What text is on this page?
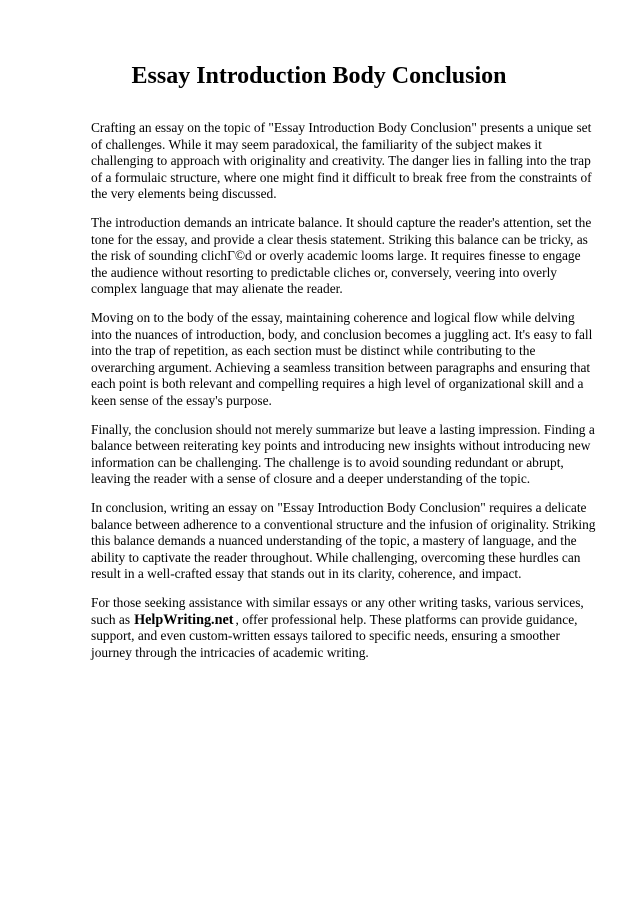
Essay Introduction Body Conclusion

Crafting an essay on the topic of "Essay Introduction Body Conclusion" presents a unique set of challenges. While it may seem paradoxical, the familiarity of the subject makes it challenging to approach with originality and creativity. The danger lies in falling into the trap of a formulaic structure, where one might find it difficult to break free from the constraints of the very elements being discussed.

The introduction demands an intricate balance. It should capture the reader's attention, set the tone for the essay, and provide a clear thesis statement. Striking this balance can be tricky, as the risk of sounding clichГ©d or overly academic looms large. It requires finesse to engage the audience without resorting to predictable cliches or, conversely, veering into overly complex language that may alienate the reader.

Moving on to the body of the essay, maintaining coherence and logical flow while delving into the nuances of introduction, body, and conclusion becomes a juggling act. It's easy to fall into the trap of repetition, as each section must be distinct while contributing to the overarching argument. Achieving a seamless transition between paragraphs and ensuring that each point is both relevant and compelling requires a high level of organizational skill and a keen sense of the essay's purpose.

Finally, the conclusion should not merely summarize but leave a lasting impression. Finding a balance between reiterating key points and introducing new insights without introducing new information can be challenging. The challenge is to avoid sounding redundant or abrupt, leaving the reader with a sense of closure and a deeper understanding of the topic.

In conclusion, writing an essay on "Essay Introduction Body Conclusion" requires a delicate balance between adherence to a conventional structure and the infusion of originality. Striking this balance demands a nuanced understanding of the topic, a mastery of language, and the ability to captivate the reader throughout. While challenging, overcoming these hurdles can result in a well-crafted essay that stands out in its clarity, coherence, and impact.

For those seeking assistance with similar essays or any other writing tasks, various services, such as HelpWriting.net , offer professional help. These platforms can provide guidance, support, and even custom-written essays tailored to specific needs, ensuring a smoother journey through the intricacies of academic writing.
